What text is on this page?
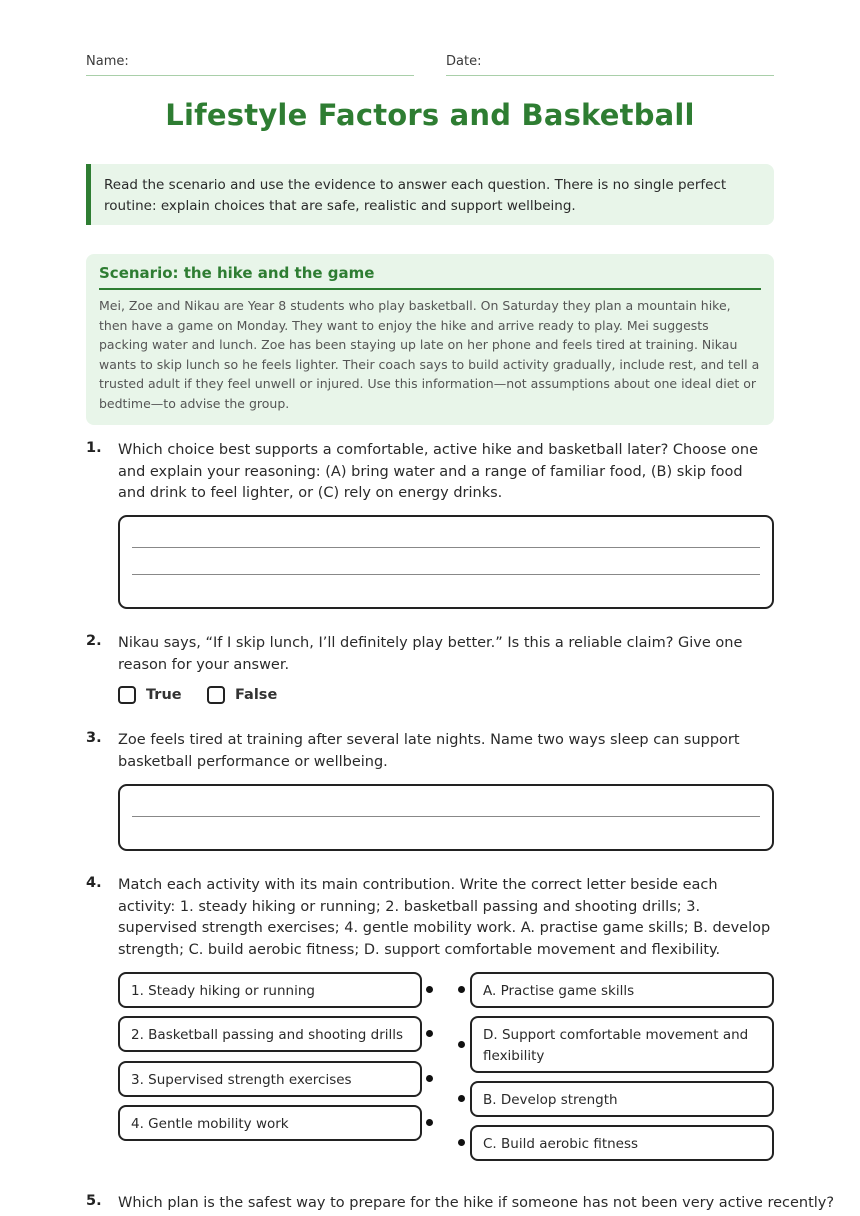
Name:	Date:
Lifestyle Factors and Basketball
Read the scenario and use the evidence to answer each question. There is no single perfect routine: explain choices that are safe, realistic and support wellbeing.
Scenario: the hike and the game
Mei, Zoe and Nikau are Year 8 students who play basketball. On Saturday they plan a mountain hike, then have a game on Monday. They want to enjoy the hike and arrive ready to play. Mei suggests packing water and lunch. Zoe has been staying up late on her phone and feels tired at training. Nikau wants to skip lunch so he feels lighter. Their coach says to build activity gradually, include rest, and tell a trusted adult if they feel unwell or injured. Use this information—not assumptions about one ideal diet or bedtime—to advise the group.
1. Which choice best supports a comfortable, active hike and basketball later? Choose one and explain your reasoning: (A) bring water and a range of familiar food, (B) skip food and drink to feel lighter, or (C) rely on energy drinks.
2. Nikau says, “If I skip lunch, I’ll definitely play better.” Is this a reliable claim? Give one reason for your answer.
True	False
3. Zoe feels tired at training after several late nights. Name two ways sleep can support basketball performance or wellbeing.
4. Match each activity with its main contribution. Write the correct letter beside each activity: 1. steady hiking or running; 2. basketball passing and shooting drills; 3. supervised strength exercises; 4. gentle mobility work. A. practise game skills; B. develop strength; C. build aerobic fitness; D. support comfortable movement and flexibility.
1. Steady hiking or running
2. Basketball passing and shooting drills
3. Supervised strength exercises
4. Gentle mobility work
A. Practise game skills
D. Support comfortable movement and flexibility
B. Develop strength
C. Build aerobic fitness
5. Which plan is the safest way to prepare for the hike if someone has not been very active recently?
